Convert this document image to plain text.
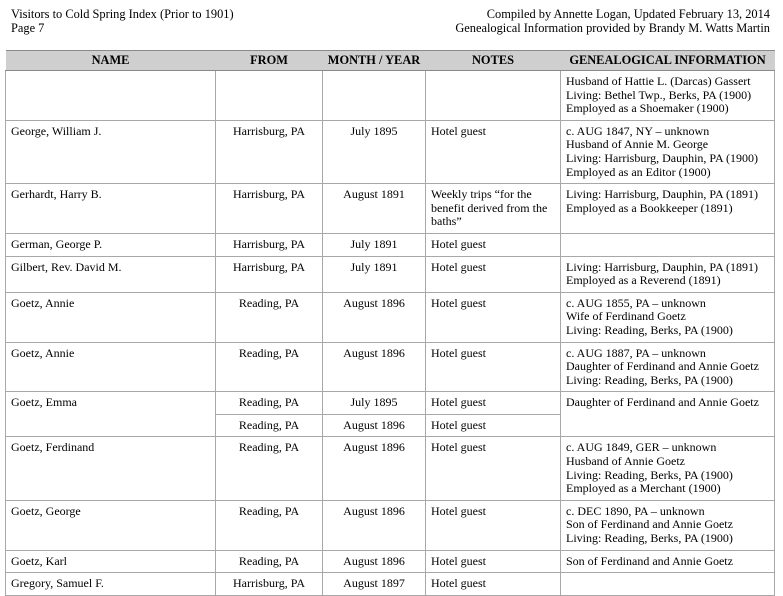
Visitors to Cold Spring Index (Prior to 1901)
Page 7
Compiled by Annette Logan, Updated February 13, 2014
Genealogical Information provided by Brandy M. Watts Martin
NAME	FROM	MONTH / YEAR	NOTES	GENEALOGICAL INFORMATION

				Husband of Hattie L. (Darcas) Gassert
Living: Bethel Twp., Berks, PA (1900)
Employed as a Shoemaker (1900)

George, William J.	Harrisburg, PA	July 1895	Hotel guest	c. AUG 1847, NY – unknown
Husband of Annie M. George
Living: Harrisburg, Dauphin, PA (1900)
Employed as an Editor (1900)

Gerhardt, Harry B.	Harrisburg, PA	August 1891	Weekly trips “for the benefit derived from the baths”	Living: Harrisburg, Dauphin, PA (1891)
Employed as a Bookkeeper (1891)

German, George P.	Harrisburg, PA	July 1891	Hotel guest	
Gilbert, Rev. David M.	Harrisburg, PA	July 1891	Hotel guest	Living: Harrisburg, Dauphin, PA (1891)
Employed as a Reverend (1891)

Goetz, Annie	Reading, PA	August 1896	Hotel guest	c. AUG 1855, PA – unknown
Wife of Ferdinand Goetz
Living: Reading, Berks, PA (1900)

Goetz, Annie	Reading, PA	August 1896	Hotel guest	c. AUG 1887, PA – unknown
Daughter of Ferdinand and Annie Goetz
Living: Reading, Berks, PA (1900)

Goetz, Emma	Reading, PA	July 1895	Hotel guest	Daughter of Ferdinand and Annie Goetz

	Reading, PA	August 1896	Hotel guest	
Goetz, Ferdinand	Reading, PA	August 1896	Hotel guest	c. AUG 1849, GER – unknown
Husband of Annie Goetz
Living: Reading, Berks, PA (1900)
Employed as a Merchant (1900)

Goetz, George	Reading, PA	August 1896	Hotel guest	c. DEC 1890, PA – unknown
Son of Ferdinand and Annie Goetz
Living: Reading, Berks, PA (1900)

Goetz, Karl	Reading, PA	August 1896	Hotel guest	Son of Ferdinand and Annie Goetz

Gregory, Samuel F.	Harrisburg, PA	August 1897	Hotel guest	
